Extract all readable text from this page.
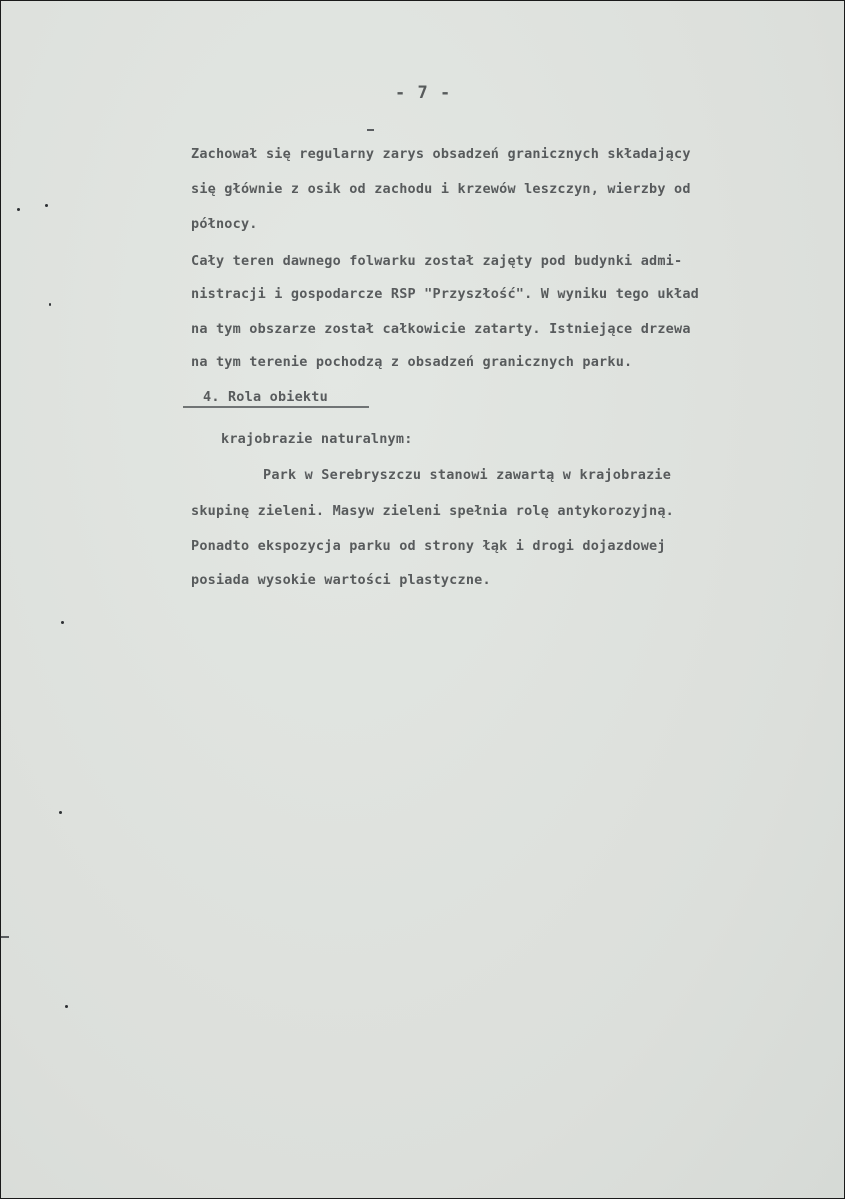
- 7 -
Zachował się regularny zarys obsadzeń granicznych składający
się głównie z osik od zachodu i krzewów leszczyn, wierzby od
północy.
Cały teren dawnego folwarku został zajęty pod budynki admi-
nistracji i gospodarcze RSP "Przyszłość". W wyniku tego układ
na tym obszarze został całkowicie zatarty. Istniejące drzewa
na tym terenie pochodzą z obsadzeń granicznych parku.
4. Rola obiektu
krajobrazie naturalnym:
Park w Serebryszczu stanowi zawartą w krajobrazie
skupinę zieleni. Masyw zieleni spełnia rolę antykorozyjną.
Ponadto ekspozycja parku od strony łąk i drogi dojazdowej
posiada wysokie wartości plastyczne.
